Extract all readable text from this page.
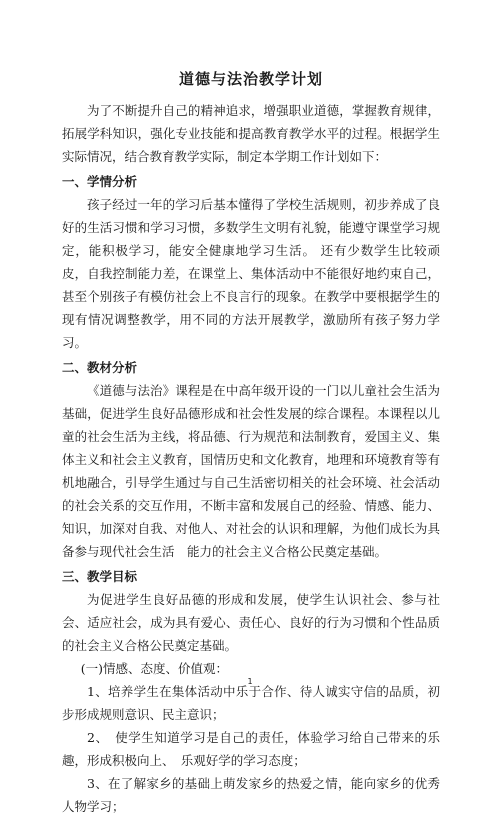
道德与法治教学计划

为了不断提升自己的精神追求，增强职业道德，掌握教育规律，拓展学科知识，强化专业技能和提高教育教学水平的过程。根据学生实际情况，结合教育教学实际，制定本学期工作计划如下：

一、学情分析

孩子经过一年的学习后基本懂得了学校生活规则，初步养成了良好的生活习惯和学习习惯，多数学生文明有礼貌，能遵守课堂学习规定，能积极学习，能安全健康地学习生活。 还有少数学生比较顽皮，自我控制能力差，在课堂上、集体活动中不能很好地约束自己，甚至个别孩子有模仿社会上不良言行的现象。在教学中要根据学生的现有情况调整教学，用不同的方法开展教学，激励所有孩子努力学习。

二、教材分析

《道德与法治》课程是在中高年级开设的一门以儿童社会生活为基础，促进学生良好品德形成和社会性发展的综合课程。本课程以儿童的社会生活为主线，将品德、行为规范和法制教育，爱国主义、集体主义和社会主义教育，国情历史和文化教育，地理和环境教育等有机地融合，引导学生通过与自己生活密切相关的社会环境、社会活动的社会关系的交互作用，不断丰富和发展自己的经验、情感、能力、知识，加深对自我、对他人、对社会的认识和理解，为他们成长为具备参与现代社会生活　能力的社会主义合格公民奠定基础。

三、教学目标

为促进学生良好品德的形成和发展，使学生认识社会、参与社会、适应社会，成为具有爱心、责任心、良好的行为习惯和个性品质的社会主义合格公民奠定基础。

(一)情感、态度、价值观：

1、培养学生在集体活动中乐于合作、待人诚实守信的品质，初步形成规则意识、民主意识；

2、　使学生知道学习是自己的责任，体验学习给自己带来的乐趣，形成积极向上、　乐观好学的学习态度；

3、在了解家乡的基础上萌发家乡的热爱之情，能向家乡的优秀人物学习；

1
